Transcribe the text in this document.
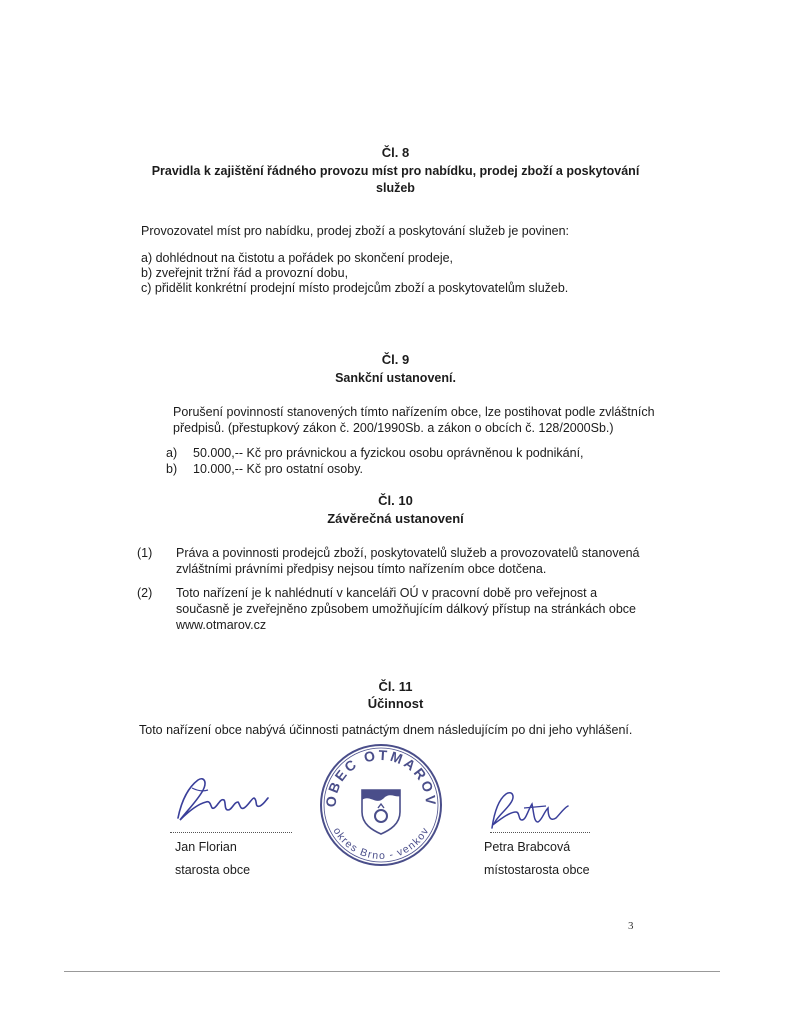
Čl. 8
Pravidla k zajištění řádného provozu míst pro nabídku, prodej zboží a poskytování
služeb
Provozovatel míst pro nabídku, prodej zboží a poskytování služeb je povinen:
a) dohlédnout na čistotu a pořádek po skončení prodeje,
b) zveřejnit tržní řád a provozní dobu,
c) přidělit konkrétní prodejní místo prodejcům zboží a poskytovatelům služeb.
Čl. 9
Sankční ustanovení.
Porušení povinností stanovených tímto nařízením obce, lze postihovat podle zvláštních
předpisů. (přestupkový zákon č. 200/1990Sb. a zákon o obcích č. 128/2000Sb.)
a) 50.000,-- Kč pro právnickou a fyzickou osobu oprávněnou k podnikání,
b) 10.000,-- Kč pro ostatní osoby.
Čl. 10
Závěrečná ustanovení
(1) Práva a povinnosti prodejců zboží, poskytovatelů služeb a provozovatelů stanovená
zvláštními právními předpisy nejsou tímto nařízením obce dotčena.
(2) Toto nařízení je k nahlédnutí v kanceláři OÚ v pracovní době pro veřejnost a
současně je zveřejněno způsobem umožňujícím dálkový přístup na stránkách obce
www.otmarov.cz
Čl. 11
Účinnost
Toto nařízení obce nabývá účinnosti patnáctým dnem následujícím po dni jeho vyhlášení.
Jan Florian
starosta obce
OBEC OTMAROV
okres Brno - venkov
Petra Brabcová
místostarosta obce
3
